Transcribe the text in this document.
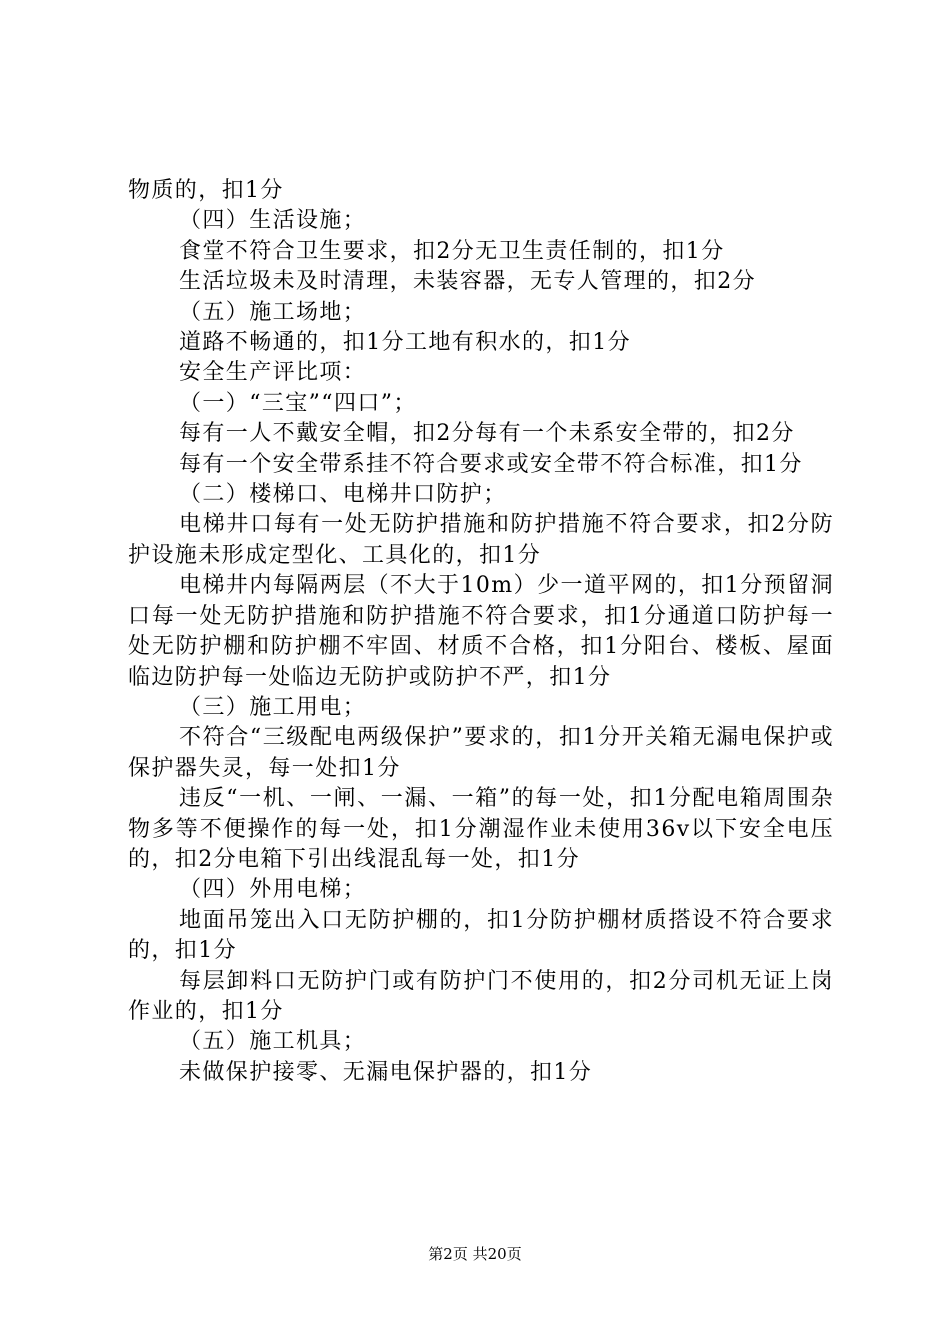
物质的，扣1分

（四）生活设施；

食堂不符合卫生要求，扣2分无卫生责任制的，扣1分

生活垃圾未及时清理，未装容器，无专人管理的，扣2分

（五）施工场地；

道路不畅通的，扣1分工地有积水的，扣1分

安全生产评比项：

（一）“三宝”“四口”；

每有一人不戴安全帽，扣2分每有一个未系安全带的，扣2分

每有一个安全带系挂不符合要求或安全带不符合标准，扣1分

（二）楼梯口、电梯井口防护；

电梯井口每有一处无防护措施和防护措施不符合要求，扣2分防护设施未形成定型化、工具化的，扣1分

电梯井内每隔两层（不大于10m）少一道平网的，扣1分预留洞口每一处无防护措施和防护措施不符合要求，扣1分通道口防护每一处无防护棚和防护棚不牢固、材质不合格，扣1分阳台、楼板、屋面临边防护每一处临边无防护或防护不严，扣1分

（三）施工用电；

不符合“三级配电两级保护”要求的，扣1分开关箱无漏电保护或保护器失灵，每一处扣1分

违反“一机、一闸、一漏、一箱”的每一处，扣1分配电箱周围杂物多等不便操作的每一处，扣1分潮湿作业未使用36v以下安全电压的，扣2分电箱下引出线混乱每一处，扣1分

（四）外用电梯；

地面吊笼出入口无防护棚的，扣1分防护棚材质搭设不符合要求的，扣1分

每层卸料口无防护门或有防护门不使用的，扣2分司机无证上岗作业的，扣1分

（五）施工机具；

未做保护接零、无漏电保护器的，扣1分

第2页 共20页
